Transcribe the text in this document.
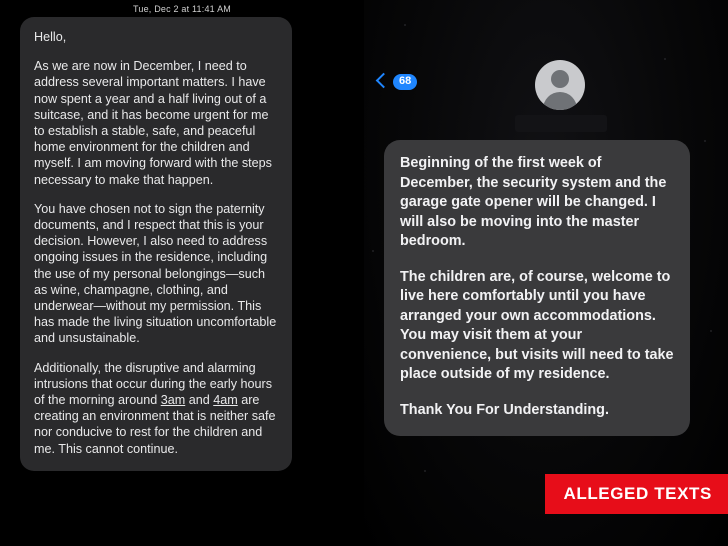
Tue, Dec 2 at 11:41 AM

Hello,

As we are now in December, I need to address several important matters. I have now spent a year and a half living out of a suitcase, and it has become urgent for me to establish a stable, safe, and peaceful home environment for the children and myself. I am moving forward with the steps necessary to make that happen.

You have chosen not to sign the paternity documents, and I respect that this is your decision. However, I also need to address ongoing issues in the residence, including the use of my personal belongings—such as wine, champagne, clothing, and underwear—without my permission. This has made the living situation uncomfortable and unsustainable.

Additionally, the disruptive and alarming intrusions that occur during the early hours of the morning around 3am and 4am are creating an environment that is neither safe nor conducive to rest for the children and me. This cannot continue.

68

Beginning of the first week of December, the security system and the garage gate opener will be changed. I will also be moving into the master bedroom.

The children are, of course, welcome to live here comfortably until you have arranged your own accommodations. You may visit them at your convenience, but visits will need to take place outside of my residence.

Thank You For Understanding.

ALLEGED TEXTS
